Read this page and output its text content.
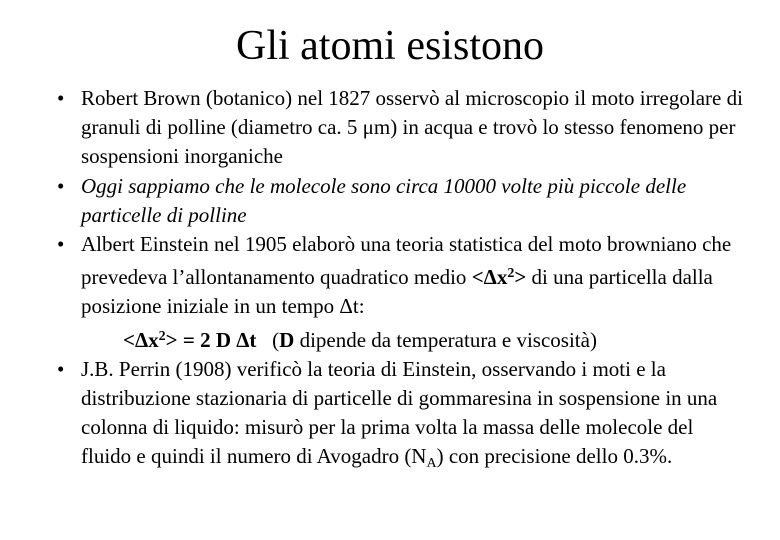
Gli atomi esistono
• Robert Brown (botanico) nel 1827 osservò al microscopio il moto irregolare di granuli di polline (diametro ca. 5 μm) in acqua e trovò lo stesso fenomeno per sospensioni inorganiche
• Oggi sappiamo che le molecole sono circa 10000 volte più piccole delle particelle di polline
• Albert Einstein nel 1905 elaborò una teoria statistica del moto browniano che prevedeva l’allontanamento quadratico medio $<\Delta x^2>$ di una particella dalla posizione iniziale in un tempo Δt:
$<\Delta x^2> = 2$ D Δt (D dipende da temperatura e viscosità)
• J.B. Perrin (1908) verificò la teoria di Einstein, osservando i moti e la distribuzione stazionaria di particelle di gommaresina in sospensione in una colonna di liquido: misurò per la prima volta la massa delle molecole del fluido e quindi il numero di Avogadro $(N_A)$ con precisione dello 0.3%.
